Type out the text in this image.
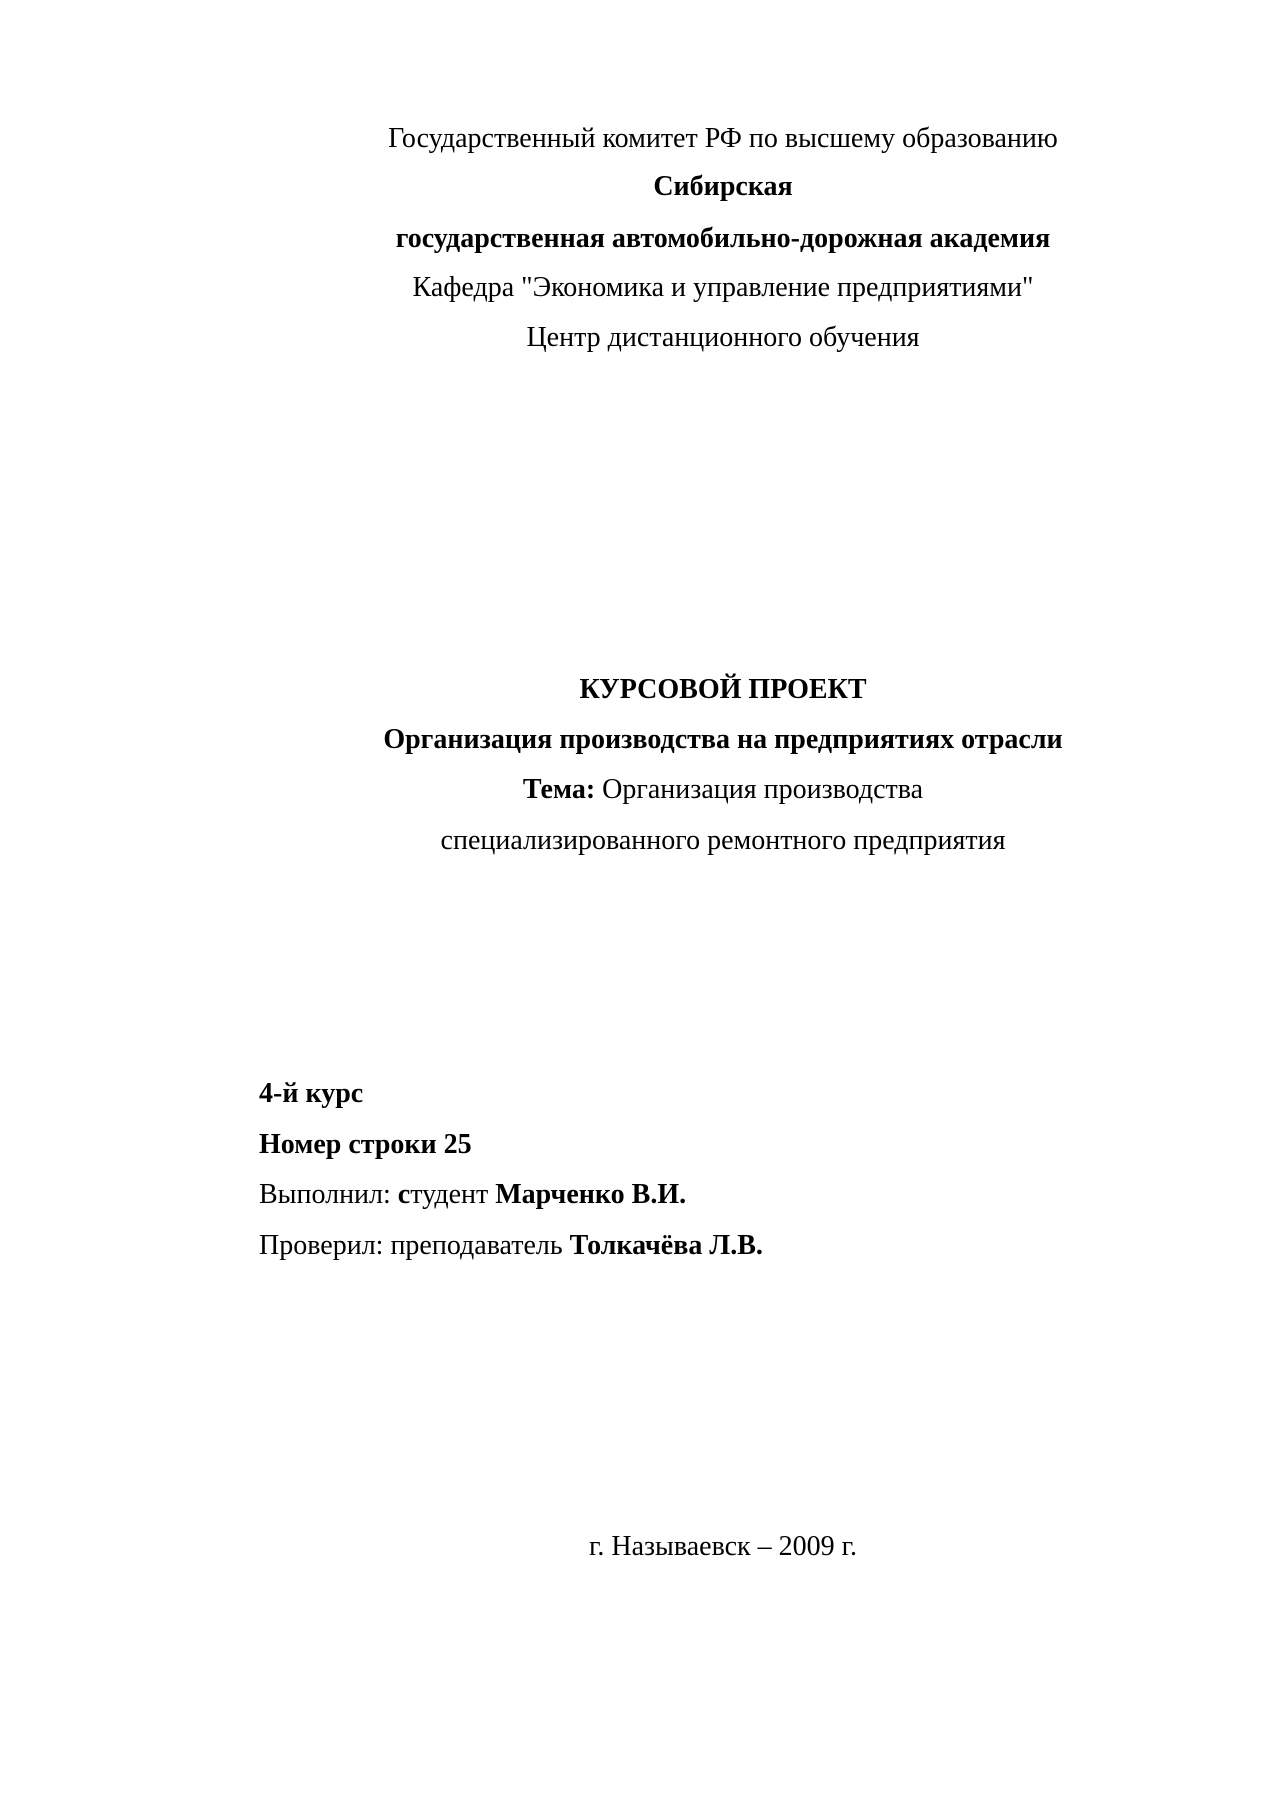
Государственный комитет РФ по высшему образованию
Сибирская
государственная автомобильно-дорожная академия
Кафедра "Экономика и управление предприятиями"
Центр дистанционного обучения
КУРСОВОЙ ПРОЕКТ
Организация производства на предприятиях отрасли
Тема: Организация производства
специализированного ремонтного предприятия
4-й курс
Номер строки 25
Выполнил: студент Марченко В.И.
Проверил: преподаватель Толкачёва Л.В.
г. Называевск – 2009 г.
